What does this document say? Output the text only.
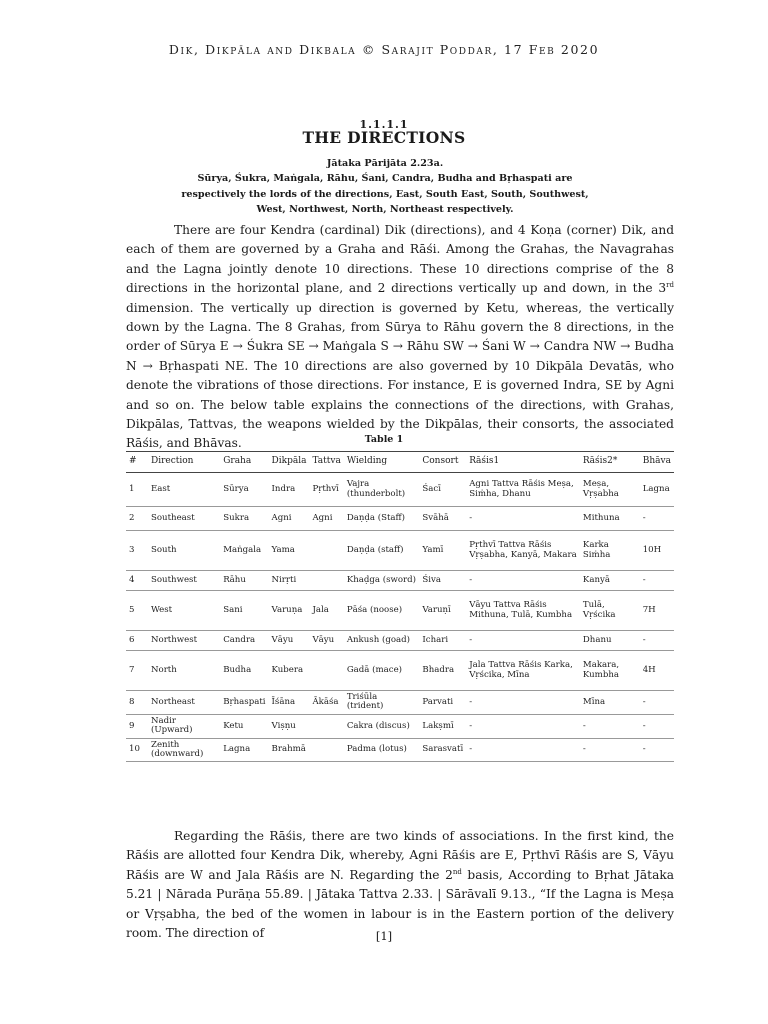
Dik, Dikpāla and Dikbala © Sarajit Poddar, 17 Feb 2020
1.1.1.1
THE DIRECTIONS
Jātaka Pārijāta 2.23a.
Sūrya, Śukra, Maṅgala, Rāhu, Śani, Candra, Budha and Bṛhaspati are respectively the lords of the directions, East, South East, South, Southwest, West, Northwest, North, Northeast respectively.
There are four Kendra (cardinal) Dik (directions), and 4 Koṇa (corner) Dik, and each of them are governed by a Graha and Rāśi. Among the Grahas, the Navagrahas and the Lagna jointly denote 10 directions. These 10 directions comprise of the 8 directions in the horizontal plane, and 2 directions vertically up and down, in the 3rd dimension. The vertically up direction is governed by Ketu, whereas, the vertically down by the Lagna. The 8 Grahas, from Sūrya to Rāhu govern the 8 directions, in the order of Sūrya E → Śukra SE → Maṅgala S → Rāhu SW → Śani W → Candra NW → Budha N → Bṛhaspati NE. The 10 directions are also governed by 10 Dikpāla Devatās, who denote the vibrations of those directions. For instance, E is governed Indra, SE by Agni and so on. The below table explains the connections of the directions, with Grahas, Dikpālas, Tattvas, the weapons wielded by the Dikpālas, their consorts, the associated Rāśis, and Bhāvas.	Table 1
#	Direction	Graha	Dikpāla	Tattva	Wielding	Consort	Rāśis1	Rāśis2*	Bhāva
1	East	Sūrya	Indra	Pṛthvī	Vajra (thunderbolt)	Śacī	Agni Tattva Rāśis Meṣa, Siṁha, Dhanu	Meṣa, Vṛṣabha	Lagna
2	Southeast	Sukra	Agni	Agni	Daṇḍa (Staff)	Svāhā	-	Mithuna	-
3	South	Maṅgala	Yama		Daṇḍa (staff)	Yamī	Pṛthvī Tattva Rāśis Vṛṣabha, Kanyā, Makara	Karka Siṁha	10H
4	Southwest	Rāhu	Nirṛti		Khaḍga (sword)	Śiva	-	Kanyā	-
5	West	Sani	Varuṇa	Jala	Pāśa (noose)	Varuṇī	Vāyu Tattva Rāśis Mithuna, Tulā, Kumbha	Tulā, Vṛścika	7H
6	Northwest	Candra	Vāyu	Vāyu	Ankush (goad)	Ichari	-	Dhanu	-
7	North	Budha	Kubera		Gadā (mace)	Bhadra	Jala Tattva Rāśis Karka, Vṛścika, Mīna	Makara, Kumbha	4H
8	Northeast	Bṛhaspati	Īśāna	Ākāśa	Triśūla (trident)	Parvati	-	Mīna	-
9	Nadir (Upward)	Ketu	Viṣṇu		Cakra (discus)	Lakṣmī	-	-	-
10	Zenith (downward)	Lagna	Brahmā		Padma (lotus)	Sarasvatī	-	-	-
Regarding the Rāśis, there are two kinds of associations. In the first kind, the Rāśis are allotted four Kendra Dik, whereby, Agni Rāśis are E, Pṛthvī Rāśis are S, Vāyu Rāśis are W and Jala Rāśis are N. Regarding the 2nd basis, According to Bṛhat Jātaka 5.21 | Nārada Purāṇa 55.89. | Jātaka Tattva 2.33. | Sārāvalī 9.13., “If the Lagna is Meṣa or Vṛṣabha, the bed of the women in labour is in the Eastern portion of the delivery room. The direction of	[1]
